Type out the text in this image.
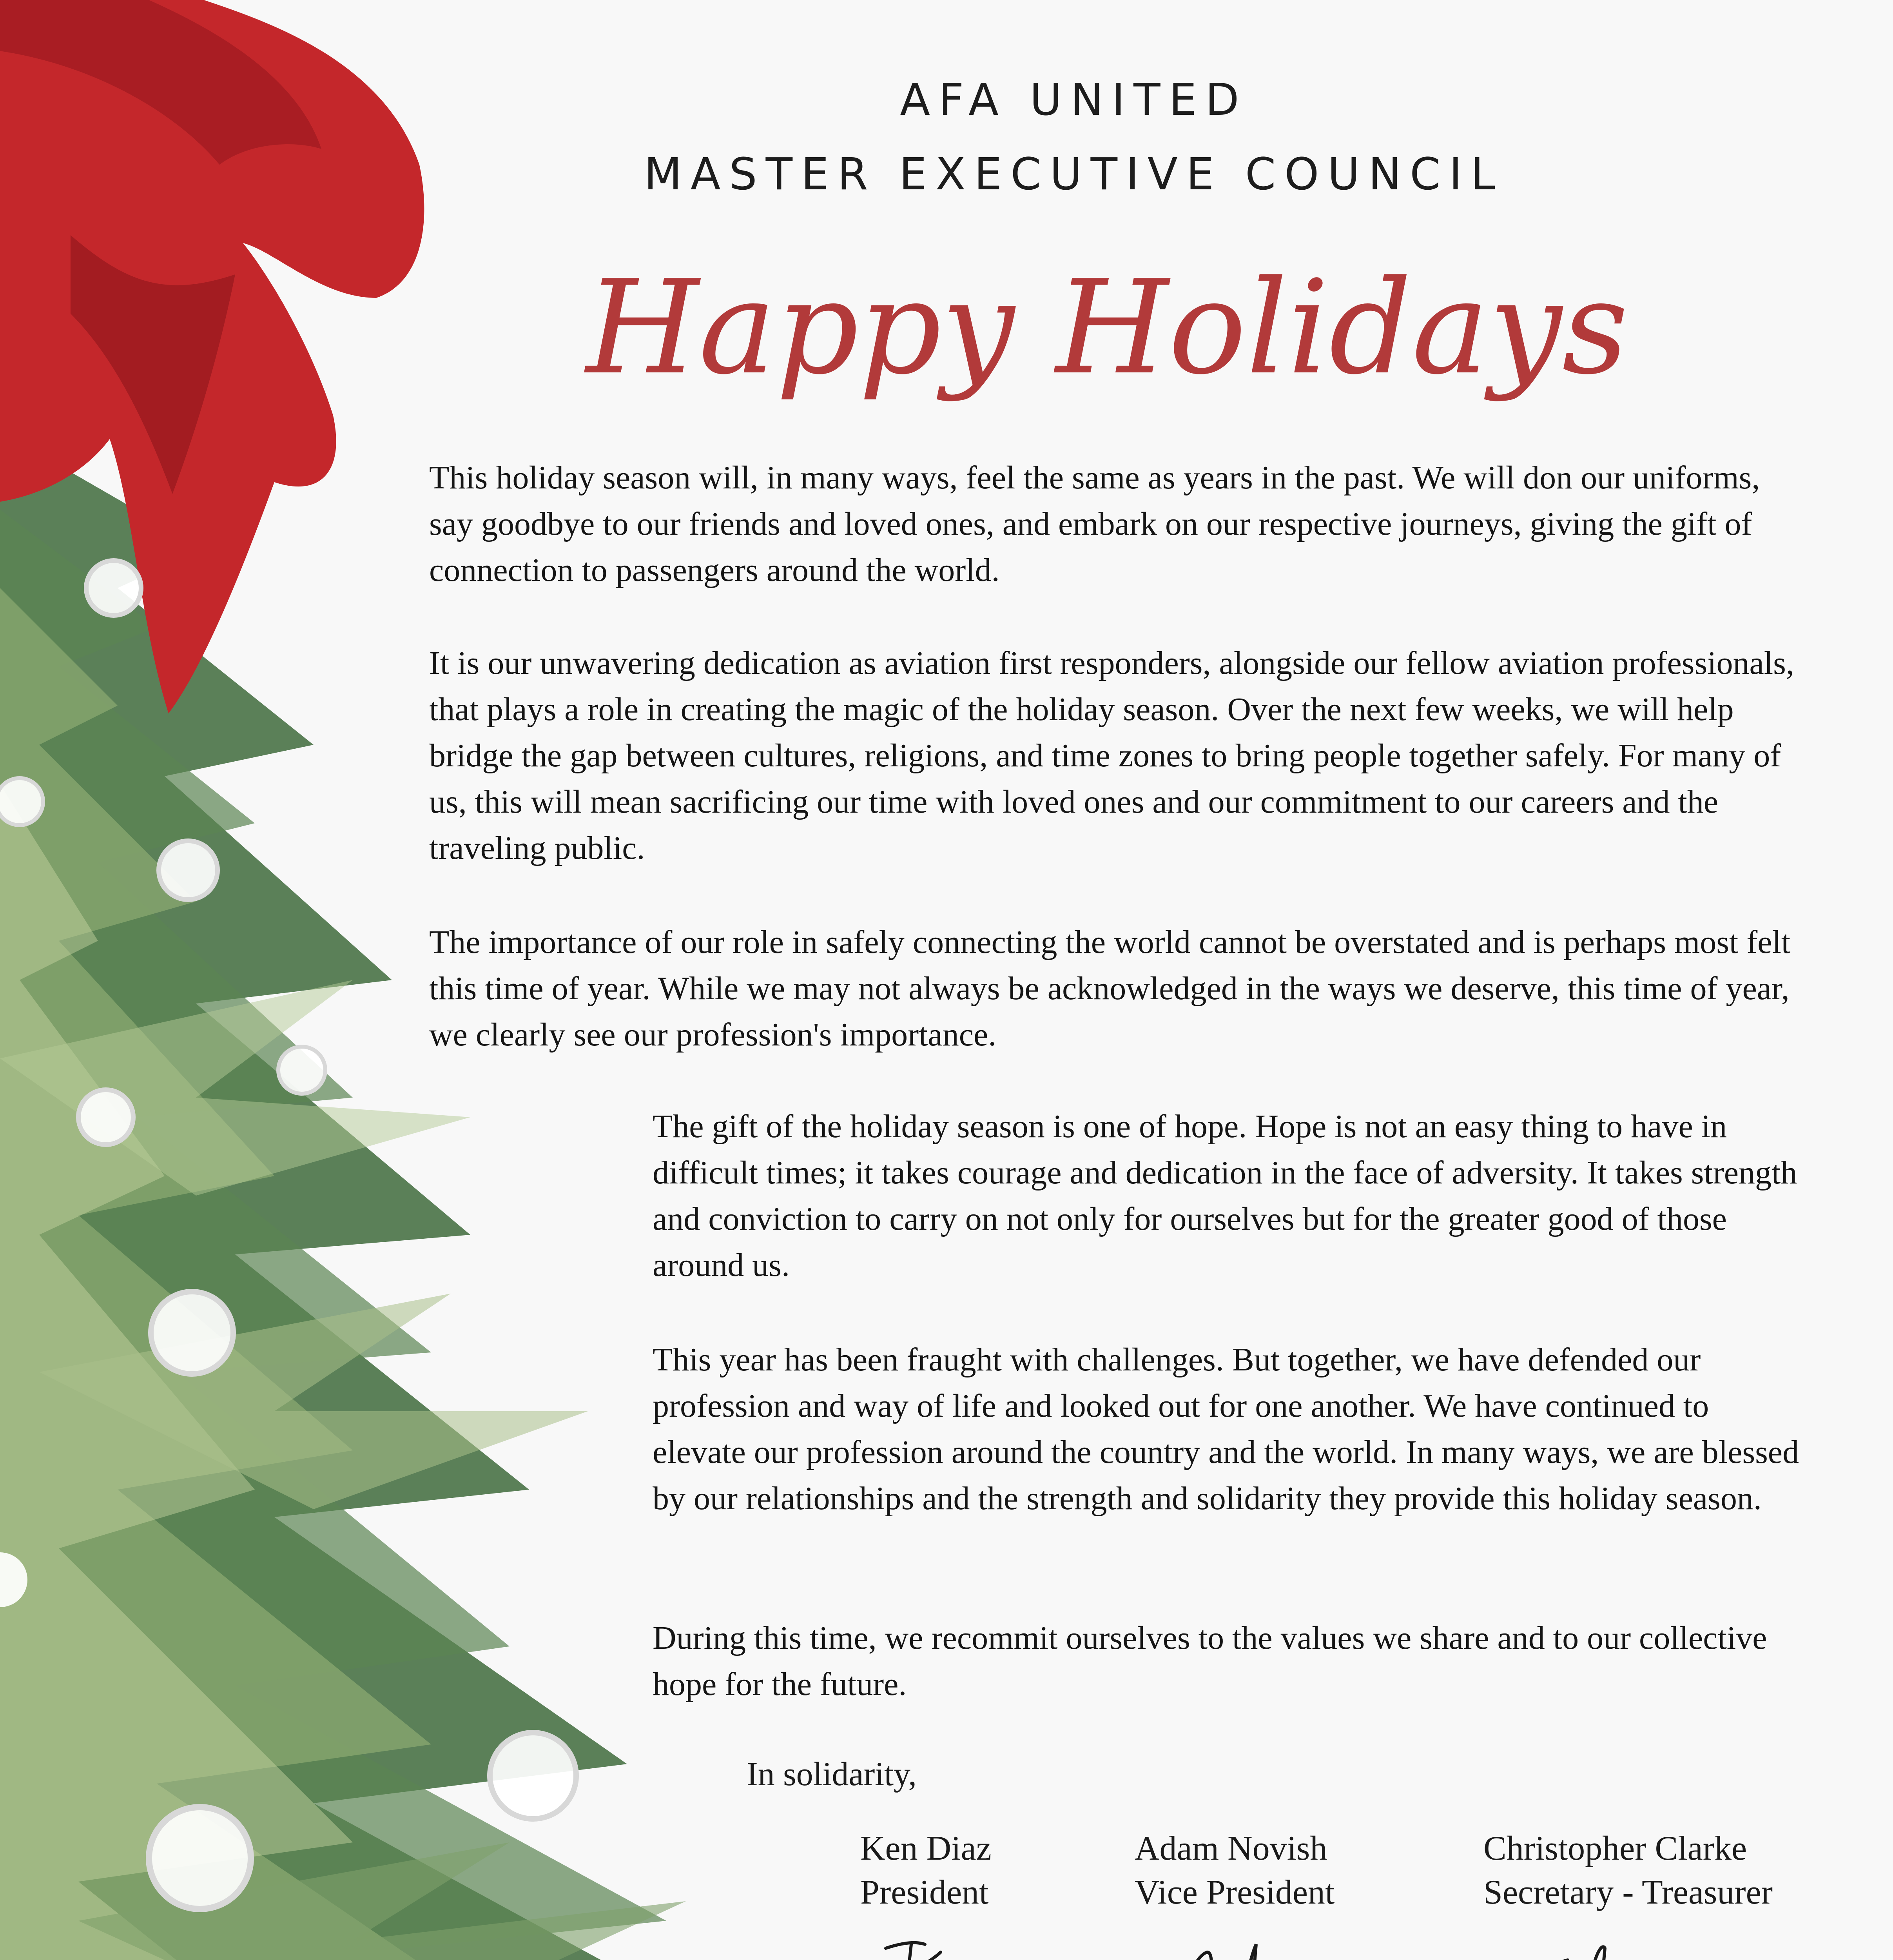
AFA UNITED
MASTER EXECUTIVE COUNCIL
Happy Holidays

This holiday season will, in many ways, feel the same as years in the past. We will don our uniforms, say goodbye to our friends and loved ones, and embark on our respective journeys, giving the gift of connection to passengers around the world.

It is our unwavering dedication as aviation first responders, alongside our fellow aviation professionals, that plays a role in creating the magic of the holiday season. Over the next few weeks, we will help bridge the gap between cultures, religions, and time zones to bring people together safely. For many of us, this will mean sacrificing our time with loved ones and our commitment to our careers and the traveling public.

The importance of our role in safely connecting the world cannot be overstated and is perhaps most felt this time of year. While we may not always be acknowledged in the ways we deserve, this time of year, we clearly see our profession's importance.

The gift of the holiday season is one of hope. Hope is not an easy thing to have in difficult times; it takes courage and dedication in the face of adversity. It takes strength and conviction to carry on not only for ourselves but for the greater good of those around us.

This year has been fraught with challenges. But together, we have defended our profession and way of life and looked out for one another. We have continued to elevate our profession around the country and the world. In many ways, we are blessed by our relationships and the strength and solidarity they provide this holiday season.

During this time, we recommit ourselves to the values we share and to our collective hope for the future.

In solidarity,
Ken Diaz
President
Adam Novish
Vice President
Christopher Clarke
Secretary - Treasurer
